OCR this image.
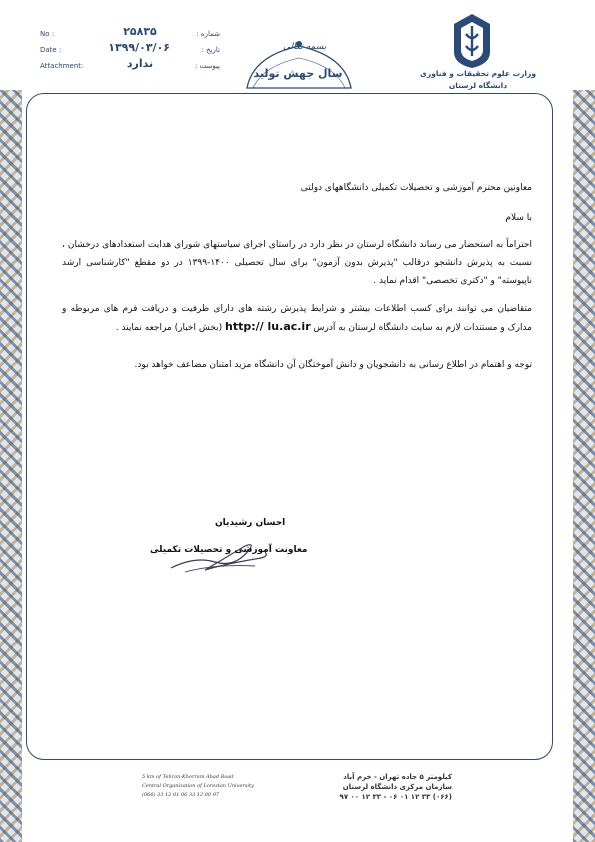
No :	۲۵۸۳۵	شماره :
Date :	۱۳۹۹/۰۳/۰۶	تاریخ :
Attachment:	ندارد	پیوست :
بسمه تعالی
سال جهش تولید	وزارت علوم تحقیقات و فناوری
دانشگاه لرستان
معاونین محترم آموزشی و تحصیلات تکمیلی دانشگاههای دولتی
با سلام
احتراماً به استحضار می رساند دانشگاه لرستان در نظر دارد در راستای اجرای سیاستهای شورای هدایت استعدادهای درخشان ، نسبت به پذیرش دانشجو درقالب "پذیرش بدون آزمون" برای سال تحصیلی ۱۴۰۰-۱۳۹۹ در دو مقطع "کارشناسی ارشد ناپیوسته" و "دکتری تخصصی" اقدام نماید .
متقاضیان می توانند برای کسب اطلاعات بیشتر و شرایط پذیرش رشته های دارای ظرفیت و دریافت فرم های مربوطه و مدارک و مستندات لازم به سایت دانشگاه لرستان به آدرس http:// lu.ac.ir (بخش اخبار) مراجعه نمایند .
توجه و اهتمام در اطلاع رسانی به دانشجویان و دانش آموختگان آن دانشگاه مزید امتنان مضاعف خواهد بود.
احسان رشیدیان
معاونت آموزشی و تحصیلات تکمیلی
5 km of Tehran-Khorram Abad Road
Central Organization of Lorestan University
(066) 33 12 01 06 33 12 00 97
کیلومتر ۵ جاده تهران - خرم آباد
سازمان مرکزی دانشگاه لرستان
(۰۶۶) ۳۳ ۱۲ ۰۱ ۰۶ - ۳۳ ۱۲ ۰۰ ۹۷
